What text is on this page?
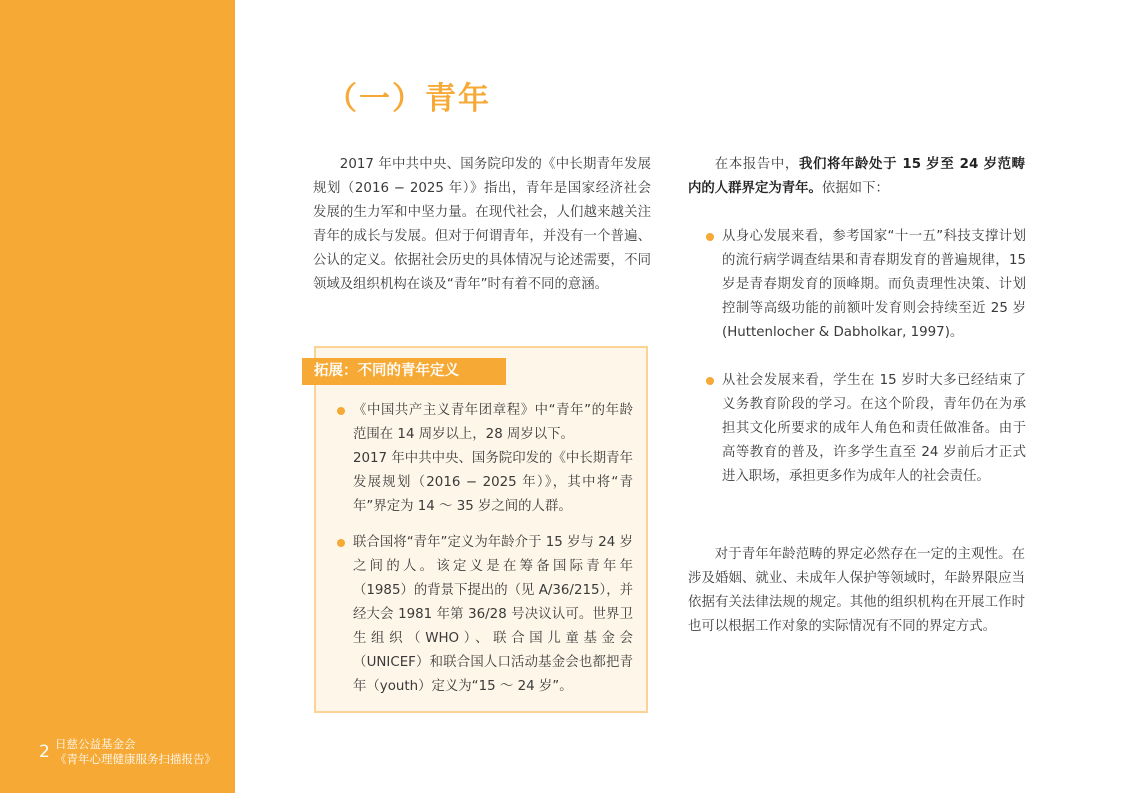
2 日慈公益基金会
《青年心理健康服务扫描报告》
（一）青年

2017 年中共中央、国务院印发的《中长期青年发展规划（2016 − 2025 年）》指出，青年是国家经济社会发展的生力军和中坚力量。在现代社会，人们越来越关注青年的成长与发展。但对于何谓青年，并没有一个普遍、公认的定义。依据社会历史的具体情况与论述需要，不同领域及组织机构在谈及“青年”时有着不同的意涵。

拓展：不同的青年定义
《中国共产主义青年团章程》中“青年”的年龄范围在 14 周岁以上，28 周岁以下。
2017 年中共中央、国务院印发的《中长期青年发展规划（2016 − 2025 年）》，其中将“青年”界定为 14 ～ 35 岁之间的人群。
联合国将“青年”定义为年龄介于 15 岁与 24 岁之间的人。该定义是在筹备国际青年年（1985）的背景下提出的（见 A/36/215），并经大会 1981 年第 36/28 号决议认可。世界卫生组织（WHO）、联合国儿童基金会（UNICEF）和联合国人口活动基金会也都把青年（youth）定义为“15 ～ 24 岁”。

在本报告中，我们将年龄处于 15 岁至 24 岁范畴内的人群界定为青年。依据如下：

从身心发展来看，参考国家“十一五”科技支撑计划的流行病学调查结果和青春期发育的普遍规律，15 岁是青春期发育的顶峰期。而负责理性决策、计划控制等高级功能的前额叶发育则会持续至近 25 岁 (Huttenlocher & Dabholkar, 1997)。
从社会发展来看，学生在 15 岁时大多已经结束了义务教育阶段的学习。在这个阶段，青年仍在为承担其文化所要求的成年人角色和责任做准备。由于高等教育的普及，许多学生直至 24 岁前后才正式进入职场，承担更多作为成年人的社会责任。

对于青年年龄范畴的界定必然存在一定的主观性。在涉及婚姻、就业、未成年人保护等领域时，年龄界限应当依据有关法律法规的规定。其他的组织机构在开展工作时也可以根据工作对象的实际情况有不同的界定方式。
